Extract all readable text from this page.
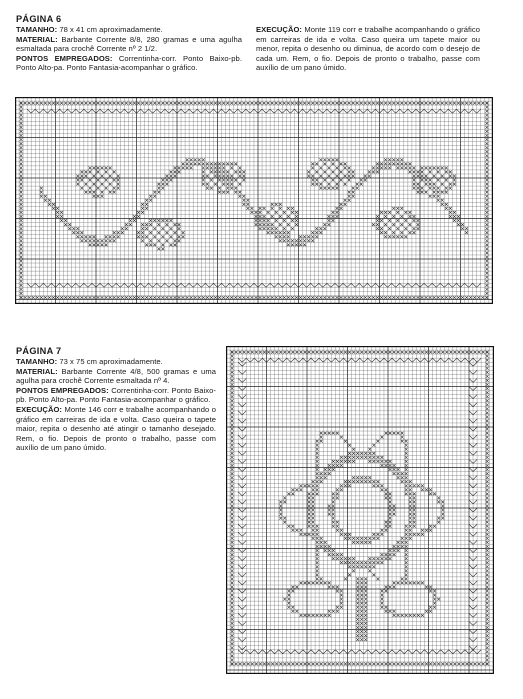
PÁGINA 6

TAMANHO: 78 x 41 cm aproximadamente.

MATERIAL: Barbante Corrente 8/8, 280 gramas e uma agulha esmaltada para crochê Corrente nº 2 1/2.

PONTOS EMPREGADOS: Correntinha-corr. Ponto Baixo-pb. Ponto Alto-pa. Ponto Fantasia-acompanhar o gráfico.

EXECUÇÃO: Monte 119 corr e trabalhe acompanhando o gráfico em carreiras de ida e volta. Caso queira um tapete maior ou menor, repita o desenho ou diminua, de acordo com o desejo de cada um. Rem, o fio. Depois de pronto o trabalho, passe com auxílio de um pano úmido.

PÁGINA 7

TAMANHO: 73 x 75 cm aproximadamente.

MATERIAL: Barbante Corrente 4/8, 500 gramas e uma agulha para crochê Corrente esmaltada nº 4.

PONTOS EMPREGADOS: Correntinha-corr. Ponto Baixo-pb. Ponto Alto-pa. Ponto Fantasia-acompanhar o gráfico.

EXECUÇÃO: Monte 146 corr e trabalhe acompanhando o gráfico em carreiras de ida e volta. Caso queira o tapete maior, repita o desenho até atingir o tamanho desejado. Rem, o fio. Depois de pronto o trabalho, passe com auxílio de um pano úmido.
